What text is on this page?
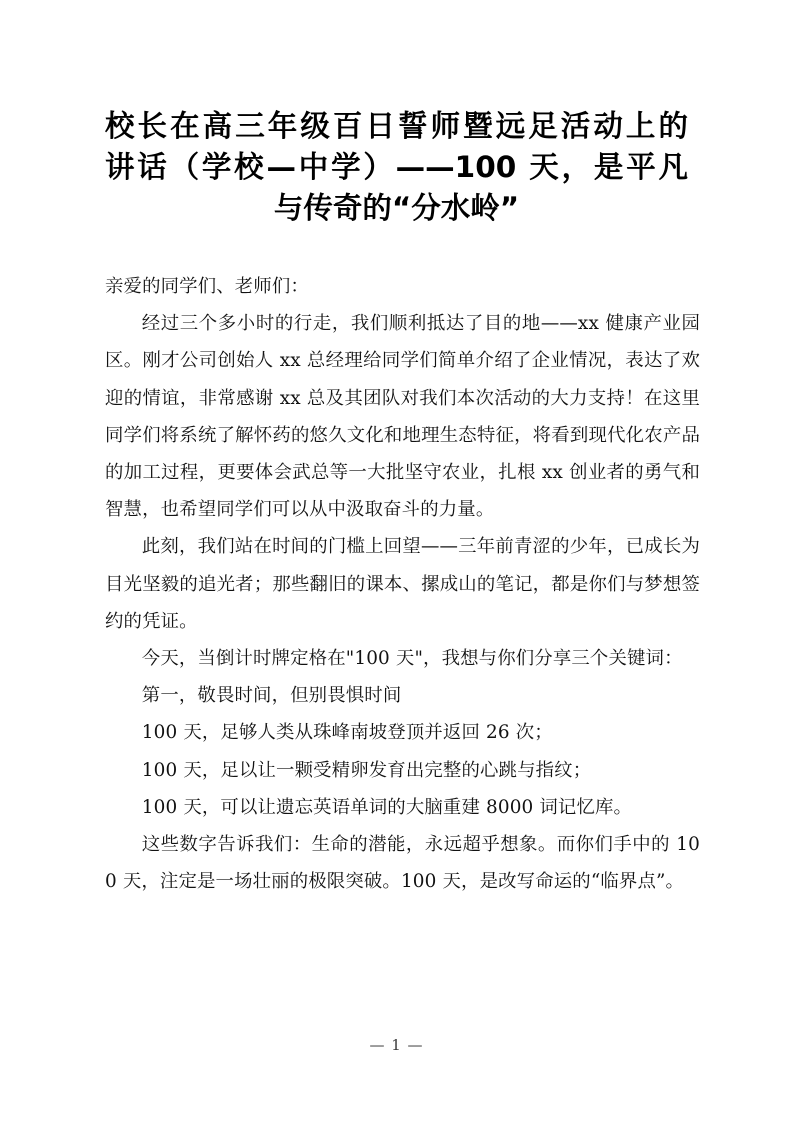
校长在高三年级百日誓师暨远足活动上的
讲话（学校—中学）——100 天，是平凡
与传奇的“分水岭”

亲爱的同学们、老师们：

经过三个多小时的行走，我们顺利抵达了目的地——xx 健康产业园区。刚才公司创始人 xx 总经理给同学们简单介绍了企业情况，表达了欢迎的情谊，非常感谢 xx 总及其团队对我们本次活动的大力支持！在这里同学们将系统了解怀药的悠久文化和地理生态特征，将看到现代化农产品的加工过程，更要体会武总等一大批坚守农业，扎根 xx 创业者的勇气和智慧，也希望同学们可以从中汲取奋斗的力量。

此刻，我们站在时间的门槛上回望——三年前青涩的少年，已成长为目光坚毅的追光者；那些翻旧的课本、摞成山的笔记，都是你们与梦想签约的凭证。

今天，当倒计时牌定格在"100 天"，我想与你们分享三个关键词：

第一，敬畏时间，但别畏惧时间

100 天，足够人类从珠峰南坡登顶并返回 26 次；

100 天，足以让一颗受精卵发育出完整的心跳与指纹；

100 天，可以让遗忘英语单词的大脑重建 8000 词记忆库。

这些数字告诉我们：生命的潜能，永远超乎想象。而你们手中的 100 天，注定是一场壮丽的极限突破。100 天，是改写命运的“临界点”。

— 1 —
